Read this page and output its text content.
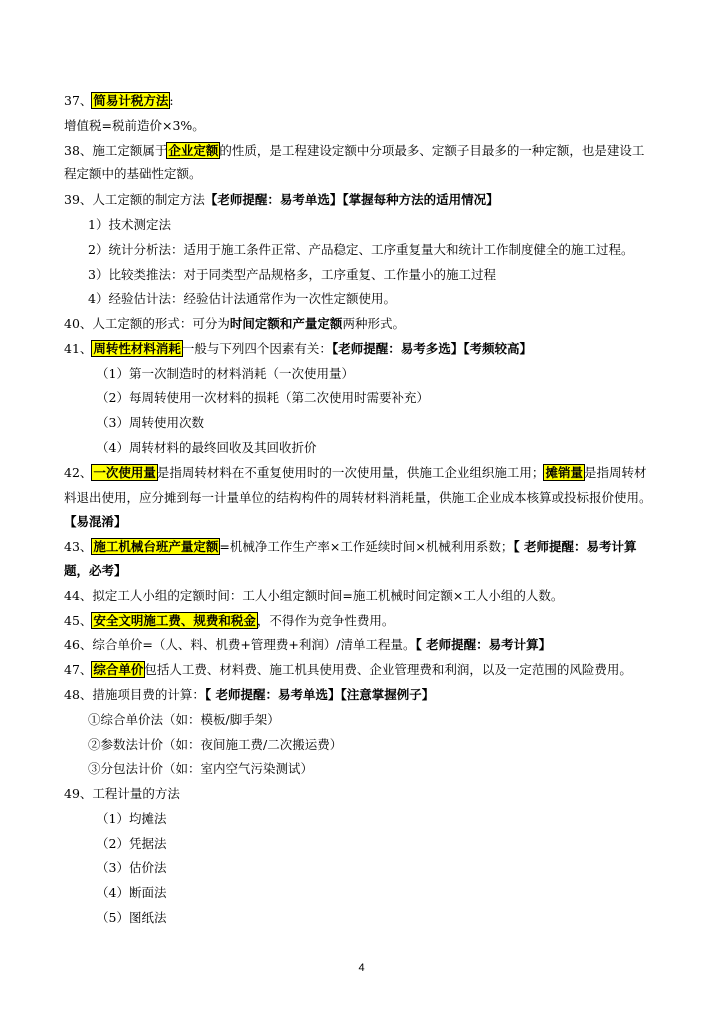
37、简易计税方法:
增值税=税前造价×3%。
38、施工定额属于企业定额的性质，是工程建设定额中分项最多、定额子目最多的一种定额，也是建设工
程定额中的基础性定额。
39、人工定额的制定方法【老师提醒：易考单选】【掌握每种方法的适用情况】
1）技术测定法
2）统计分析法：适用于施工条件正常、产品稳定、工序重复量大和统计工作制度健全的施工过程。
3）比较类推法：对于同类型产品规格多，工序重复、工作量小的施工过程
4）经验估计法：经验估计法通常作为一次性定额使用。
40、人工定额的形式：可分为时间定额和产量定额两种形式。
41、周转性材料消耗一般与下列四个因素有关：【老师提醒：易考多选】【考频较高】
（1）第一次制造时的材料消耗（一次使用量）
（2）每周转使用一次材料的损耗（第二次使用时需要补充）
（3）周转使用次数
（4）周转材料的最终回收及其回收折价
42、一次使用量是指周转材料在不重复使用时的一次使用量，供施工企业组织施工用；摊销量是指周转材
料退出使用，应分摊到每一计量单位的结构构件的周转材料消耗量，供施工企业成本核算或投标报价使用。
【易混淆】
43、施工机械台班产量定额=机械净工作生产率×工作延续时间×机械利用系数；【 老师提醒：易考计算
题，必考】
44、拟定工人小组的定额时间：工人小组定额时间=施工机械时间定额×工人小组的人数。
45、安全文明施工费、规费和税金，不得作为竞争性费用。
46、综合单价=（人、料、机费+管理费+利润）/清单工程量。【 老师提醒：易考计算】
47、综合单价包括人工费、材料费、施工机具使用费、企业管理费和利润，以及一定范围的风险费用。
48、措施项目费的计算：【 老师提醒：易考单选】【注意掌握例子】
①综合单价法（如：模板/脚手架）
②参数法计价（如：夜间施工费/二次搬运费）
③分包法计价（如：室内空气污染测试）
49、工程计量的方法
（1）均摊法
（2）凭据法
（3）估价法
（4）断面法
（5）图纸法
4
